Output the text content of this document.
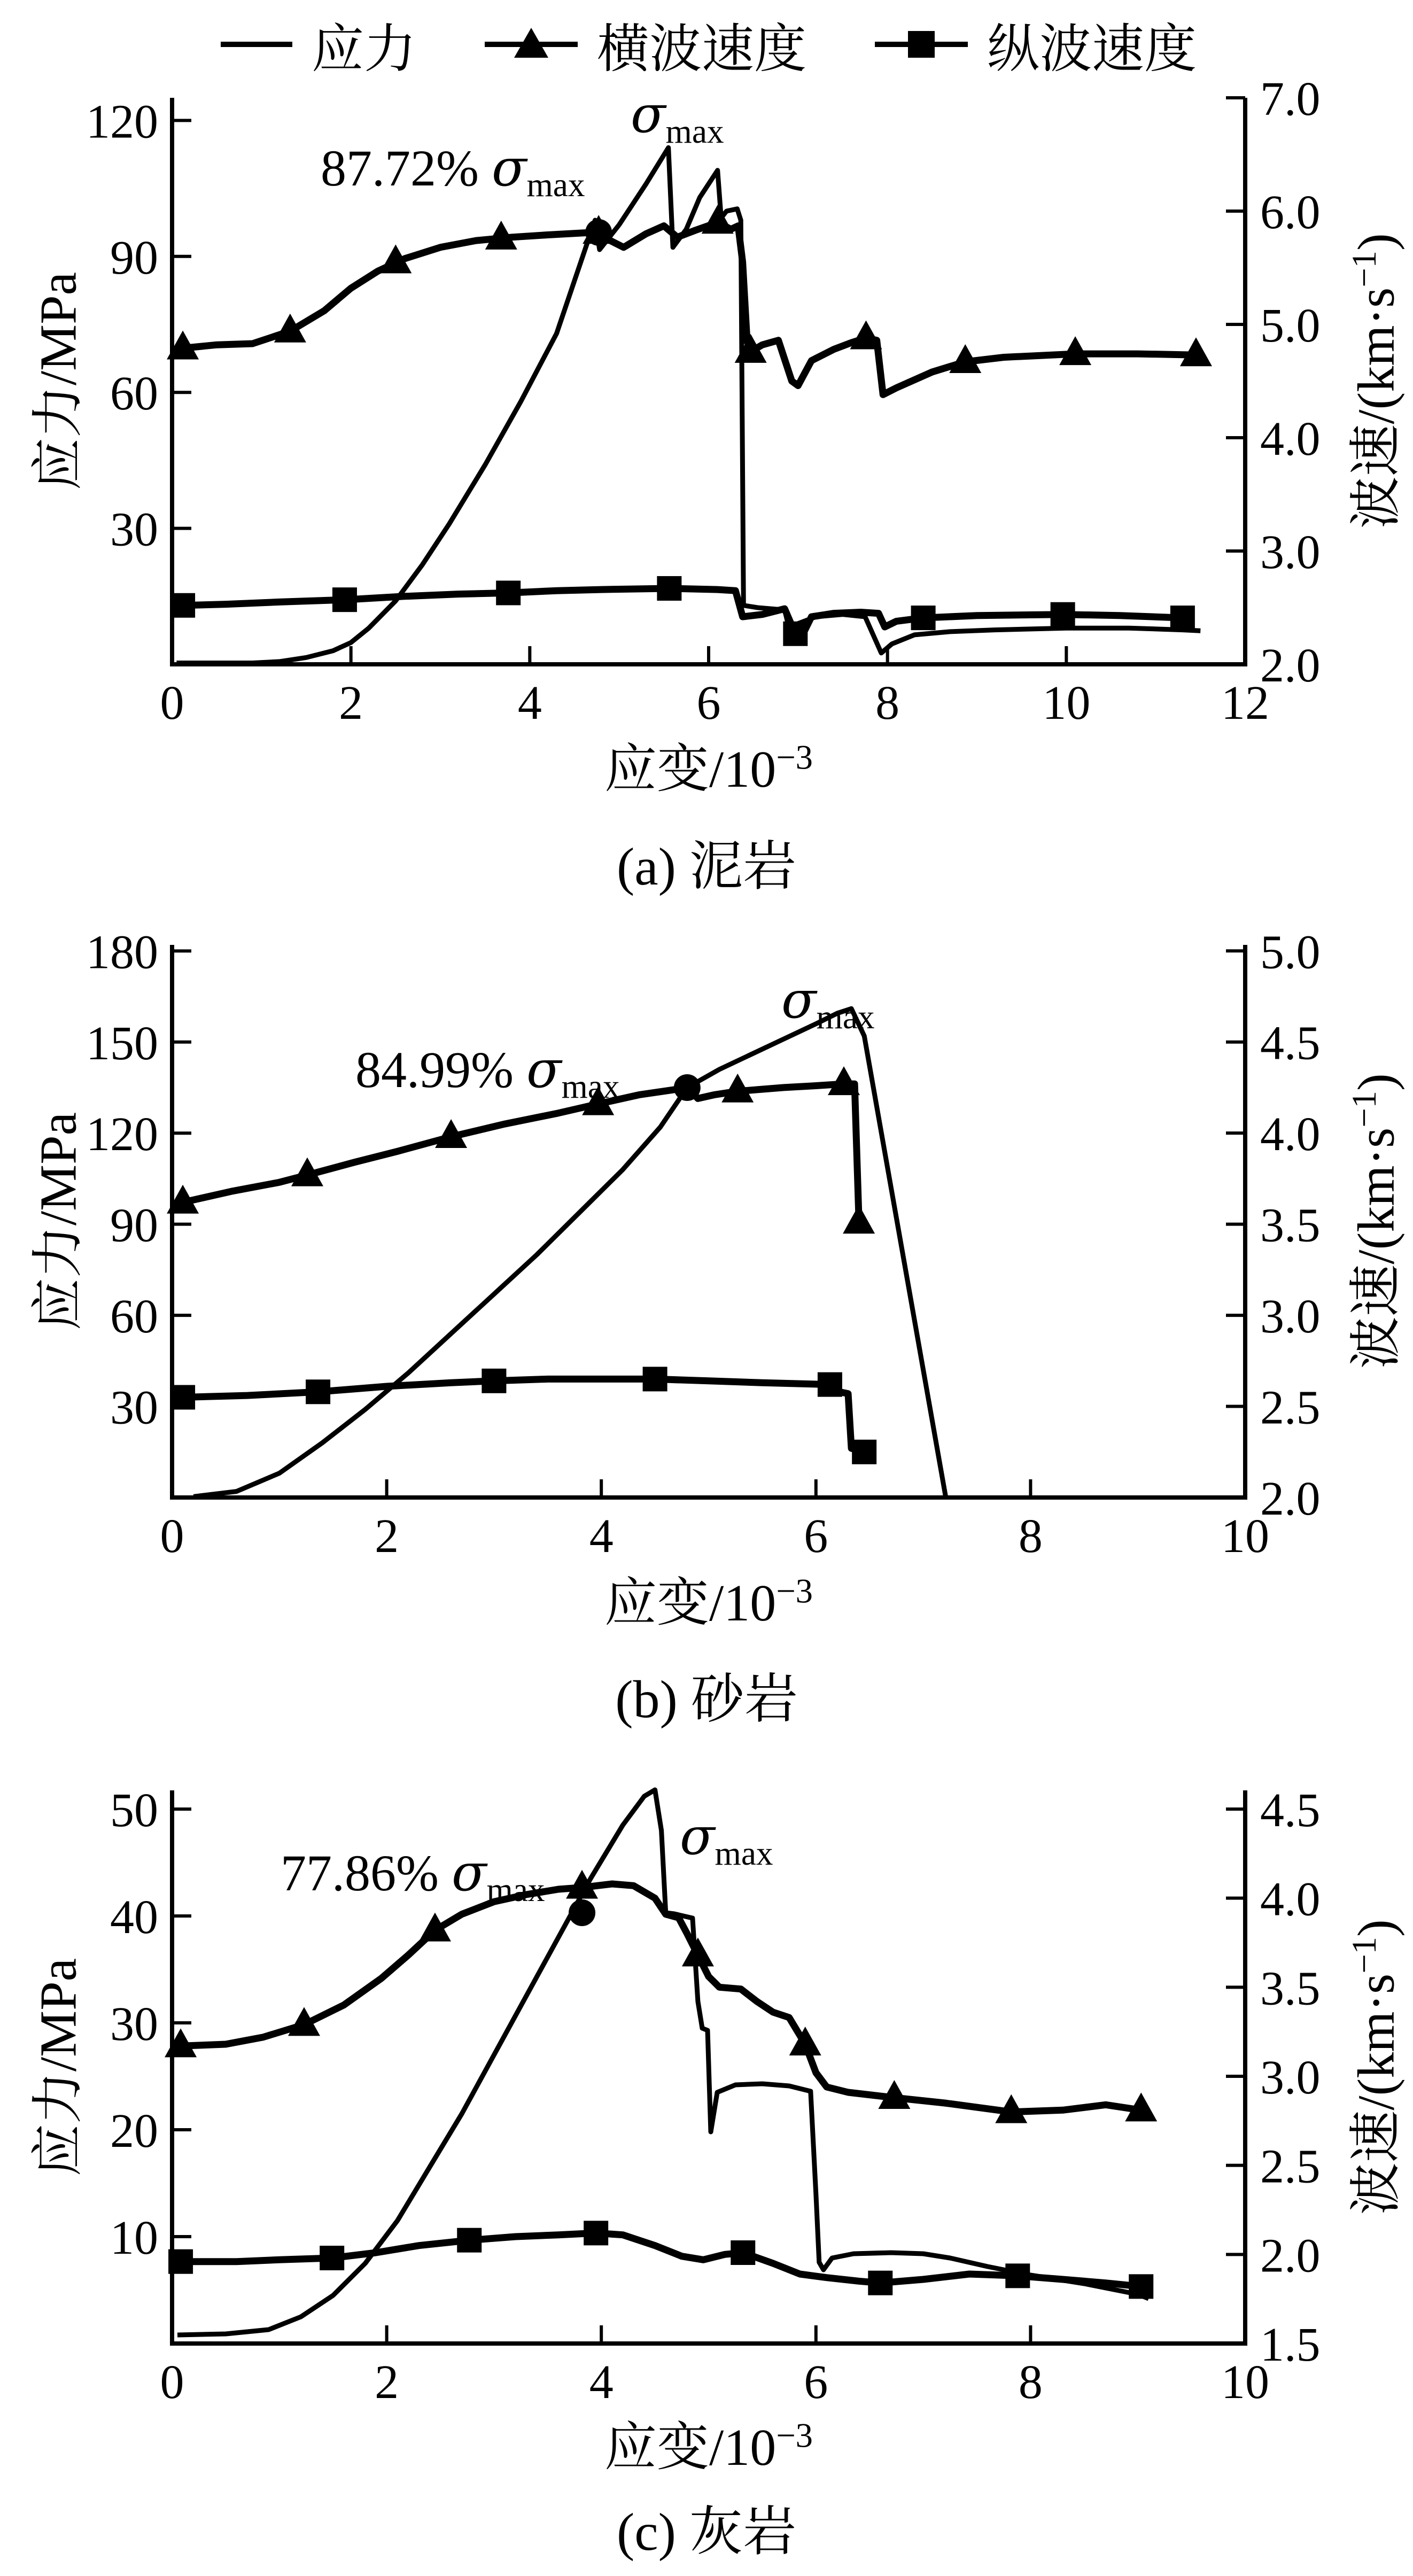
应力	横波速度	纵波速度
0	2	4	6	8	10	12
30
60
90
120
2.0
3.0
4.0
5.0
6.0
7.0
应力/MPa	波速$/(km\cdot s^{-1})$
87.72% $\sigma_{max}$
$\sigma_{max}$
应变$/10^{-3}$
(a) 泥岩
0	2	4	6	8	10
30
60
90
120
150
180
2.0
2.5
3.0
3.5
4.0
4.5
5.0
应力/MPa	波速$/(km\cdot s^{-1})$
84.99% $\sigma_{max}$
$\sigma_{max}$
应变$/10^{-3}$
(b) 砂岩
0	2	4	6	8	10
10
20
30
40
50
1.5
2.0
2.5
3.0
3.5
4.0
4.5
应力/MPa	波速$/(km\cdot s^{-1})$
77.86% $\sigma_{max}$
$\sigma_{max}$
应变$/10^{-3}$
(c) 灰岩
